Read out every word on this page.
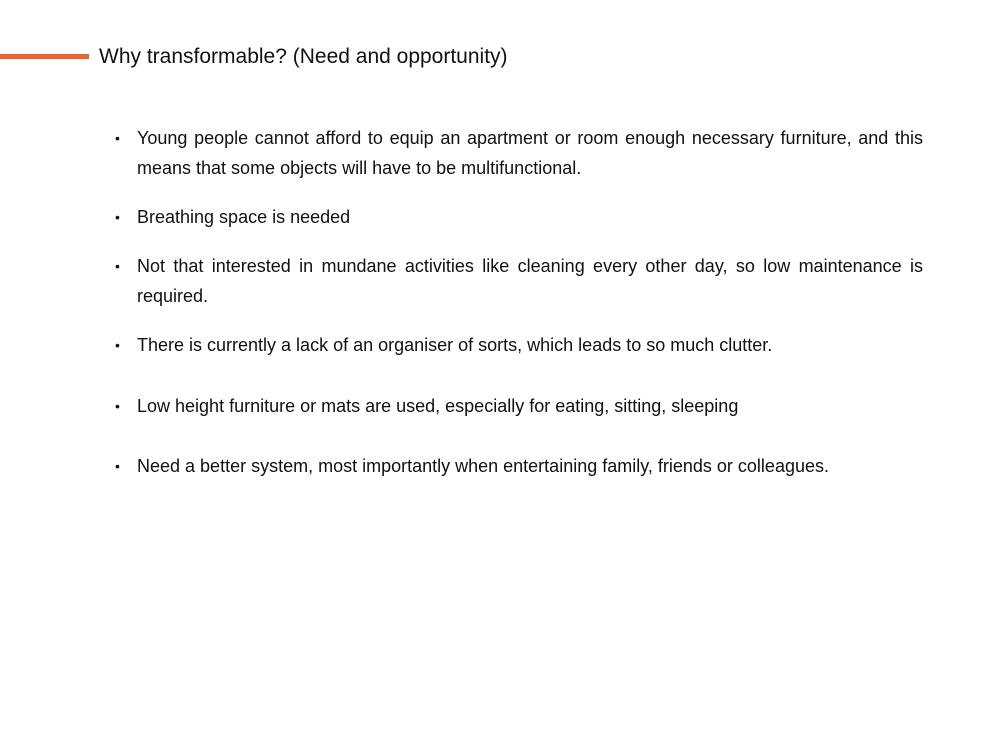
Why transformable? (Need and opportunity)
• Young people cannot afford to equip an apartment or room enough necessary furniture, and this means that some objects will have to be multifunctional.
• Breathing space is needed
• Not that interested in mundane activities like cleaning every other day, so low maintenance is required.
• There is currently a lack of an organiser of sorts, which leads to so much clutter.
• Low height furniture or mats are used, especially for eating, sitting, sleeping
• Need a better system, most importantly when entertaining family, friends or colleagues.
